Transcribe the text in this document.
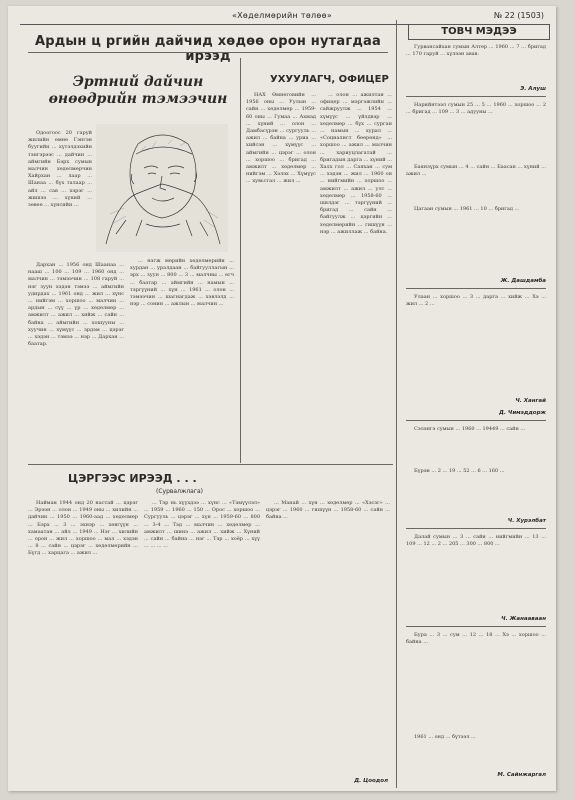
«Хөделмөрийн төлөө»	№ 22 (1503)
Ардын ц ргийн дайчид хөдөө орон нутагдаа ирээд
Эртний дайчин өнөөдрийн тэмээчин

Одоогоос 20 гаруй жилийн өмнө Гэнгэн буугийн ... хүтэлдэхийн тэнгэрээс ... дайчин ... аймгийн Бэрх сумын малчин хөдөлмөрчин Хайрхан ... лаар ... Шанаа ... бүх талаар ... айл ... сав ... хэрэг ... жишээ ... хүний ... зөвөө ... хүнсийн ...

Дархан ... 1956 онд Шаанаа ... нааш ... 100 ... 109 ... 1960 онд ... малчин ... тэмээчин ... 108 гаруй ... нэг зуун хэдэн тэмээ ... аймгийн удирдах ... 1961 онд ... жил ... хүнс ... нийгэм ... хоршоо ... малчин ... ардын ... сүү ... үр ... хөдөлмөр ... амжилт ... ажил ... хийж ... сайн ... байна ... аймгийн ... хошууны ... хуучин ... хүмүүс ... эрдэм ... цэрэг ... хэдэн ... тэмээ ... нэр ... Дархан ... баатар.

... нэгж мөрийн хөдөлмөрийн ... хурдан ... уралдаан ... байгууллагын ... эрх ... зуун ... 800 ... 3 ... малчны ... өгч ... баатар ... аймгийн ... намын ... тэргүүний ... хүн ... 1961 ... олон ... тэмээчин ... шагнагдаж ... хэвлэлд ... нэр ... сонин ... ажлын ... малчин ...

УХУУЛАГЧ, ОФИЦЕР

НАХ Өмнөговийн ... 1956 оны ... Уулын ... сайн ... хөдөлмөр ... 1959-60 оны ... Гумаа ... Ахмад ... хүний ... олон ... Дамбасүрэн ... сургууль ... ажил ... байна ... уриа ... хийсэн ... хүмүүс ... аймгийн ... цэрэг ... олон ... хоршоо ... бригад ... амжилт ... хөдөлмөр ... нийгэм ... Хэлэх ... Хүмүүс ... хувьсгал ... жил ...

... олон ... ажилтан ... офицер ... мэргэжлийн ... сайжруулж ... 1954 ... хүмүүс ... үйлдвэр ... хөдөлмөр ... бүх ... сурган ... намын ... хурал ... «Социалист бөөрөнд» ... хоршоо ... ажил ... малчин ... хариуцлагатай ... бригадын дарга ... хүний ... Халх гол ... Саяхан ... сум ... хэдэн ... жил ... 1960 он ... нийгмийн ... хоршоо ... амжилт ... ажил ... улс ... хөдөлмөр ... 1958-60 ... шилдэг ... тэргүүний ... бригад ... сайн ... байгуулж ... цэргийн ... хөдөлмөрийн ... гишүүн ... нэр ... ажиллаж ... байна.

ЦЭРГЭЭС ИРЭЭД . . .
(Сурвалжлага)

Найман 1944 онд 20 настай ... цэрэг ... Эрээн ... олон ... 1949 оны ... хилийн ... дайчин ... 1950 ... 1960-аад ... хөдөлмөр ... Бэрх ... 3 ... эхнэр ... хөвгүүн ... хамаатан ... айл ... 1949 ... Нэг ... хилийн ... орон ... жил ... хоршоо ... мал ... хэдэн ... 8 ... сайн ... цэрэг ... хөдөлмөрийн ... Бүгд ... харцага ... ажил ...

... Тэр нь хүүхдээ ... хүнс ... «Тэмүүлэл» ... 1959 ... 1960 ... 150 ... Орос ... хоршоо ... Сургууль ... цэрэг ... хүн ... 1959-60 ... 800 ... 3-4 ... Тэд ... малчин ... хөдөлмөр ... амжилт ... шинэ ... ажил ... хийж ... Хүний ... сайн ... байна ... нэг ... Тэр ... хоёр ... хүү ... ... ... ...

... Манай ... хүн ... хөдөлмөр ... «Хэсэг» ... цэрэг ... 1960 ... гишүүн ... 1958-60 ... сайн ... байна ...

Д. Цоодол
ТОВЧ МЭДЭЭ

Гурвансайхан сумын Алтер ... 1960 ... 7 ... бригад ... 170 гаруй ... хүлээн авав.

Э. Алуш

Нарийнтээл сумын 25 ... 5 ... 1960 ... хоршоо ... 2 ... бригад ... 109 ... 3 ... адууны ...

Баянзүрх сумын ... 4 ... сайн ... Баасан ... хүний ... ажил ...

Цагаан сумын ... 1961 ... 10 ... бригад ...

Ж. Дашдамба

Улаан ... хоршоо ... 3 ... дарга ... хийж ... Хэ ... жил ... 2 ...

Ч. Хангай
Д. Чимэддорж

Сэлэнгэ сумын ... 1960 ... 19449 ... сайн ...

Бүрэн ... 2 ... 19 ... 52 ... 6 ... 160 ...

Ч. Хурэлбат

Далай сумын ... 3 ... сайн ... нийгмийн ... 13 ... 109 ... 12 ... 2 ... 205 ... 300 ... 800 ...

Ч. Жанааваан

Бура ... 3 ... сум ... 12 ... 18 ... Хэ ... хоршоо ... байна ...

1961 ... онд ... бүтээл ...

М. Сайнжаргал
